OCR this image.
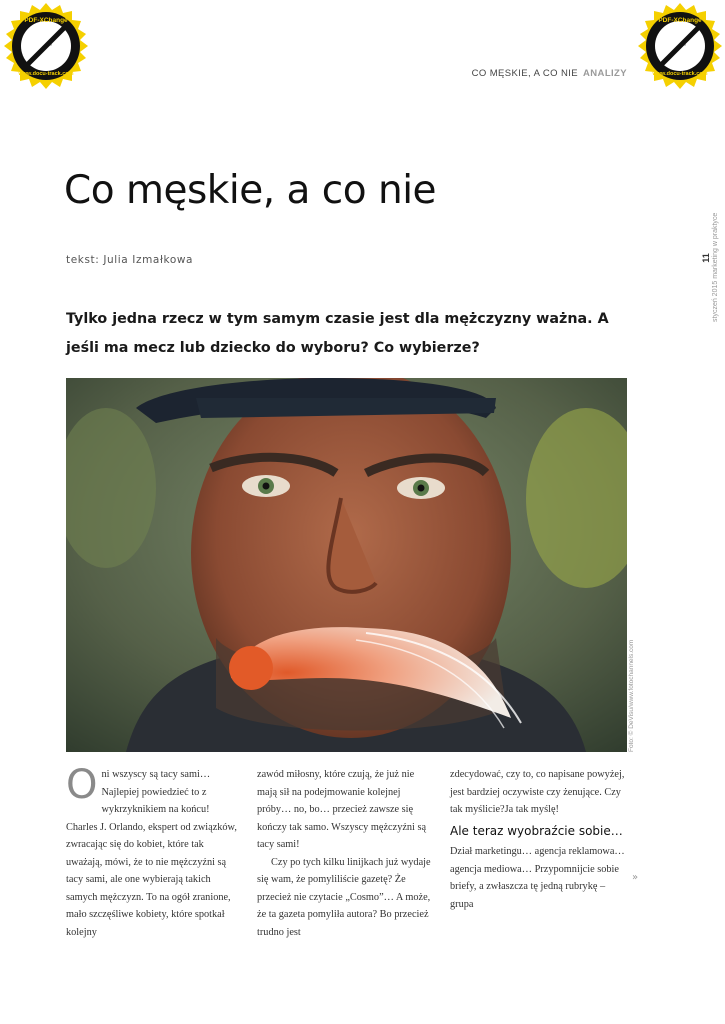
Click to buy NOW!
PDF-XChange
www.docu-track.com
Click to buy NOW!
PDF-XChange
www.docu-track.com
CO MĘSKIE, A CO NIE ANALIZY
styczeń 2015 marketing w praktyce
11
Co męskie, a co nie
tekst: Julia Izmałkowa
Tylko jedna rzecz w tym samym czasie jest dla mężczyzny ważna. A jeśli ma mecz lub dziecko do wyboru? Co wybierze?
Foto: © DeVisu/www.fotochannels.com

Oni wszyscy są tacy sami… Najlepiej powiedzieć to z wykrzyknikiem na końcu! Charles J. Orlando, ekspert od związków, zwracając się do kobiet, które tak uważają, mówi, że to nie mężczyźni są tacy sami, ale one wybierają takich samych mężczyzn. To na ogół zranione, mało szczęśliwe kobiety, które spotkał kolejny

zawód miłosny, które czują, że już nie mają sił na podejmowanie kolejnej próby… no, bo… przecież zawsze się kończy tak samo. Wszyscy mężczyźni są tacy sami!

Czy po tych kilku linijkach już wydaje się wam, że pomyliliście gazetę? Że przecież nie czytacie „Cosmo”… A może, że ta gazeta pomyliła autora? Bo przecież trudno jest

zdecydować, czy to, co napisane powyżej, jest bardziej oczywiste czy żenujące. Czy tak myślicie?Ja tak myślę!

Ale teraz wyobraźcie sobie…

Dział marketingu… agencja reklamowa… agencja mediowa… Przypomnijcie sobie briefy, a zwłaszcza tę jedną rubrykę – grupa

»
